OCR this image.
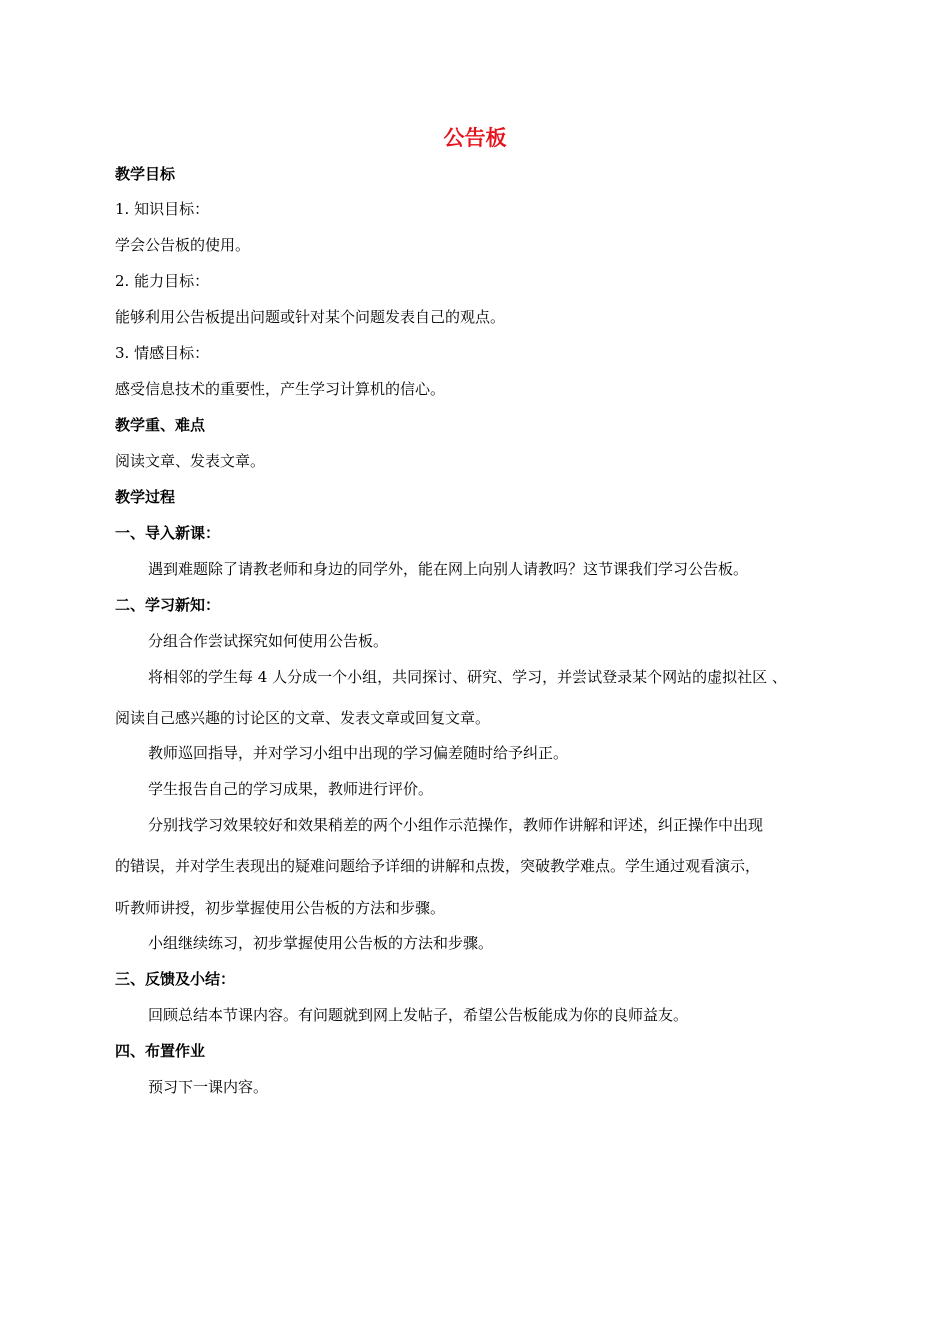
公告板
教学目标
1. 知识目标：
学会公告板的使用。
2. 能力目标：
能够利用公告板提出问题或针对某个问题发表自己的观点。
3. 情感目标：
感受信息技术的重要性，产生学习计算机的信心。
教学重、难点
阅读文章、发表文章。
教学过程
一、导入新课：
遇到难题除了请教老师和身边的同学外，能在网上向别人请教吗？这节课我们学习公告板。
二、学习新知：
分组合作尝试探究如何使用公告板。
将相邻的学生每 4 人分成一个小组，共同探讨、研究、学习，并尝试登录某个网站的虚拟社区 、
阅读自己感兴趣的讨论区的文章、发表文章或回复文章。
教师巡回指导，并对学习小组中出现的学习偏差随时给予纠正。
学生报告自己的学习成果，教师进行评价。
分别找学习效果较好和效果稍差的两个小组作示范操作，教师作讲解和评述，纠正操作中出现
的错误，并对学生表现出的疑难问题给予详细的讲解和点拨，突破教学难点。学生通过观看演示，
听教师讲授，初步掌握使用公告板的方法和步骤。
小组继续练习，初步掌握使用公告板的方法和步骤。
三、反馈及小结：
回顾总结本节课内容。有问题就到网上发帖子，希望公告板能成为你的良师益友。
四、布置作业
预习下一课内容。
